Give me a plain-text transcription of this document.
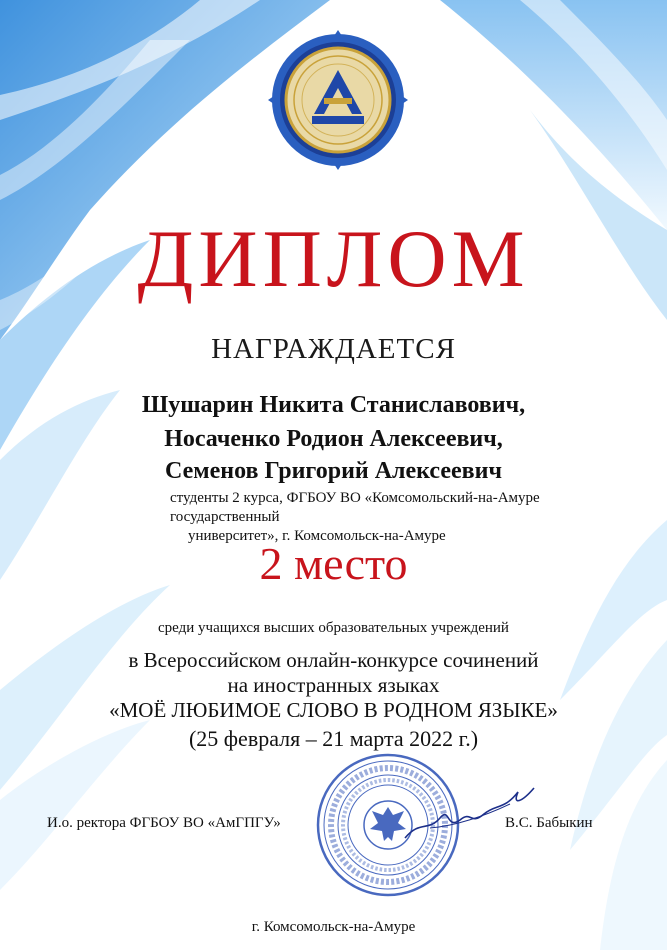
ДИПЛОМ
НАГРАЖДАЕТСЯ
Шушарин Никита Станиславович,
Носаченко Родион Алексеевич,
Семенов Григорий Алексеевич
студенты 2 курса, ФГБОУ ВО «Комсомольский-на-Амуре государственный
университет», г. Комсомольск-на-Амуре
2 место
среди учащихся высших образовательных учреждений
в Всероссийском онлайн-конкурсе сочинений
на иностранных языках
«МОЁ ЛЮБИМОЕ СЛОВО В РОДНОМ ЯЗЫКЕ»
(25 февраля – 21 марта 2022 г.)
И.о. ректора ФГБОУ ВО «АмГПГУ»	В.С. Бабыкин
г. Комсомольск-на-Амуре
